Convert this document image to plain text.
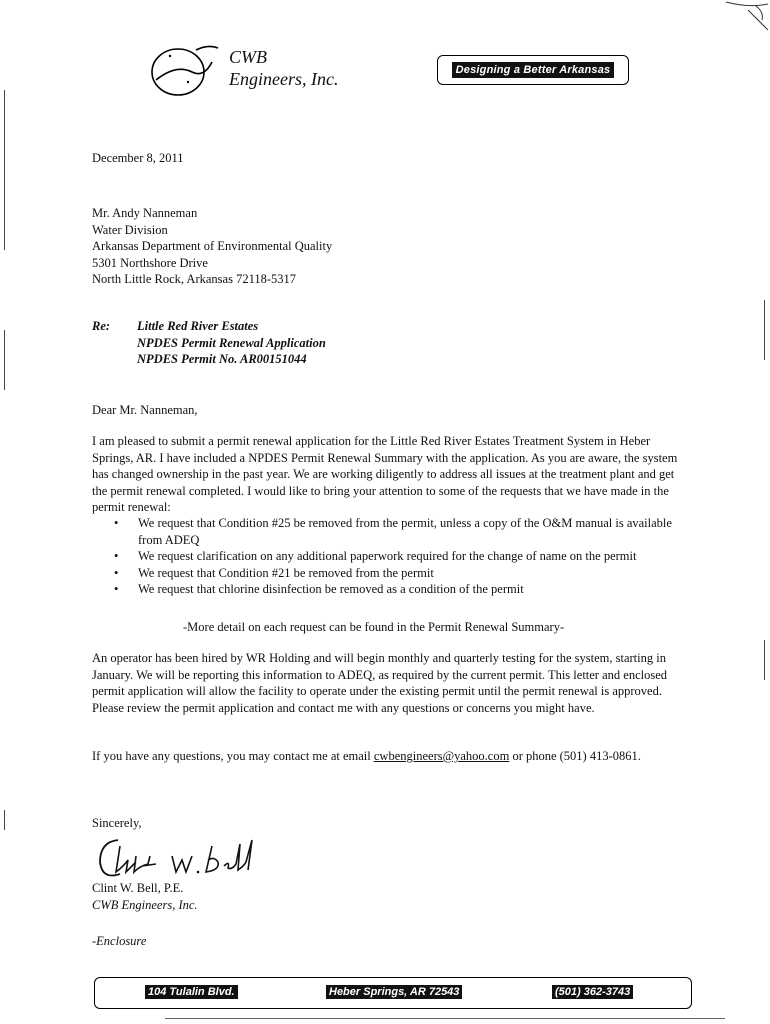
CWB
Engineers, Inc.	Designing a Better Arkansas
December 8, 2011
Mr. Andy Nanneman
Water Division
Arkansas Department of Environmental Quality
5301 Northshore Drive
North Little Rock, Arkansas 72118-5317
Re: Little Red River Estates
NPDES Permit Renewal Application
NPDES Permit No. AR00151044
Dear Mr. Nanneman,
I am pleased to submit a permit renewal application for the Little Red River Estates Treatment System in Heber Springs, AR. I have included a NPDES Permit Renewal Summary with the application. As you are aware, the system has changed ownership in the past year. We are working diligently to address all issues at the treatment plant and get the permit renewal completed. I would like to bring your attention to some of the requests that we have made in the permit renewal:
• We request that Condition #25 be removed from the permit, unless a copy of the O&M manual is available from ADEQ
• We request clarification on any additional paperwork required for the change of name on the permit
• We request that Condition #21 be removed from the permit
• We request that chlorine disinfection be removed as a condition of the permit
-More detail on each request can be found in the Permit Renewal Summary-
An operator has been hired by WR Holding and will begin monthly and quarterly testing for the system, starting in January. We will be reporting this information to ADEQ, as required by the current permit. This letter and enclosed permit application will allow the facility to operate under the existing permit until the permit renewal is approved. Please review the permit application and contact me with any questions or concerns you might have.
If you have any questions, you may contact me at email cwbengineers@yahoo.com or phone (501) 413-0861.
Sincerely,
Clint W. Bell, P.E.
CWB Engineers, Inc.
-Enclosure
104 Tulalin Blvd.	Heber Springs, AR 72543	(501) 362-3743
